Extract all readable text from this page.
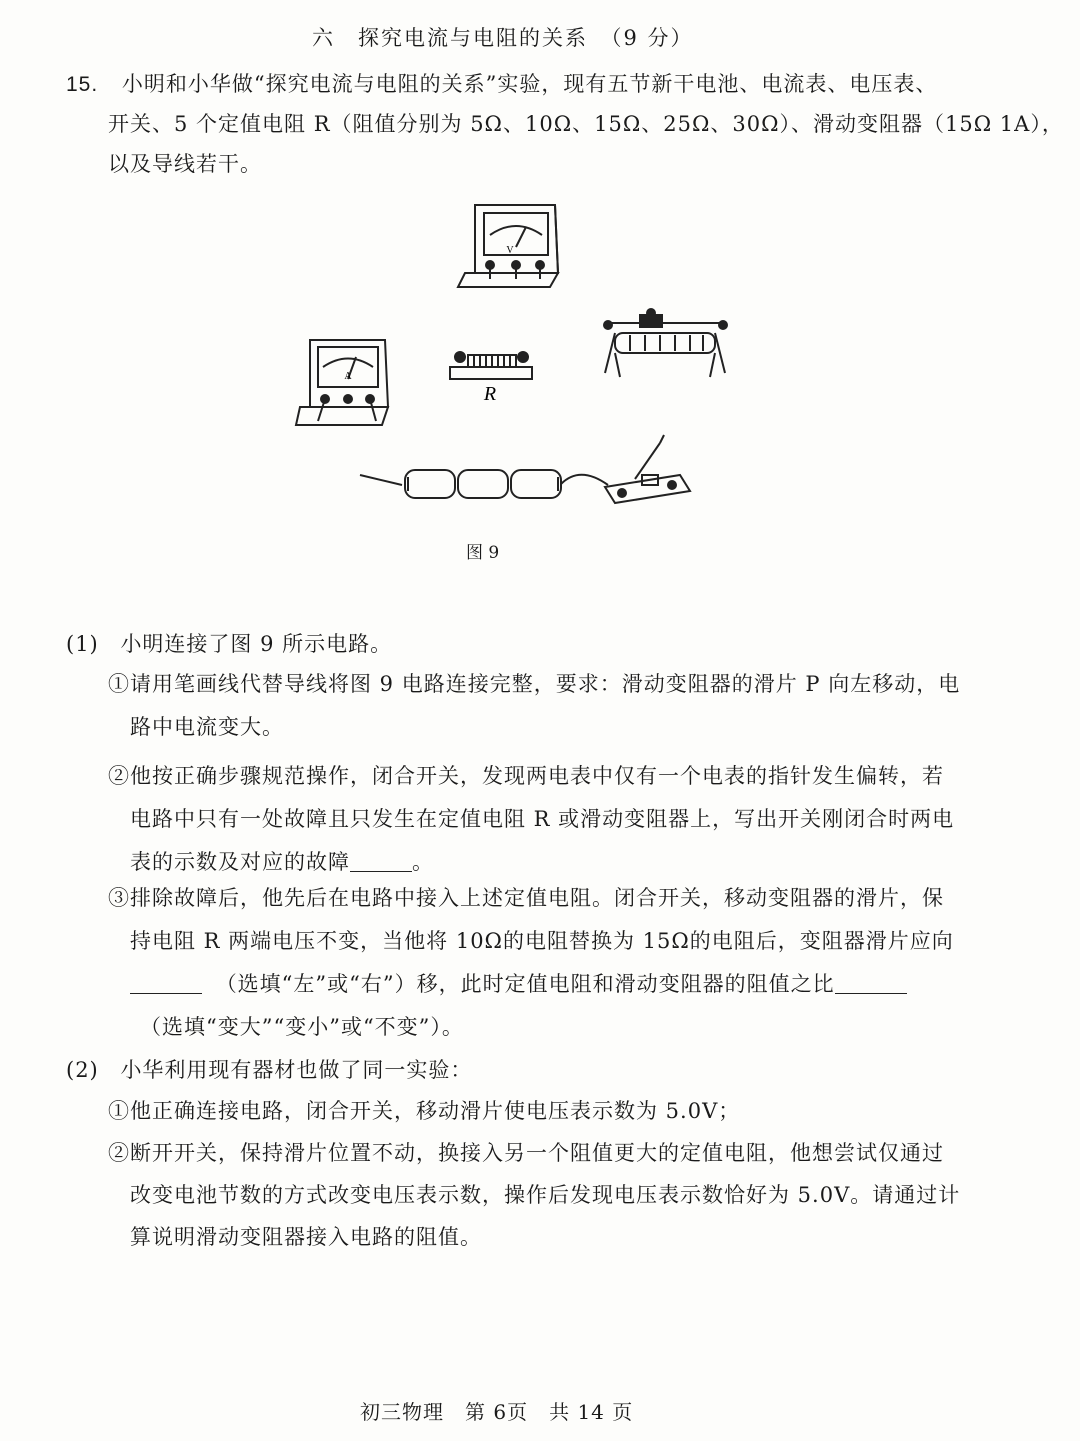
六　探究电流与电阻的关系　（9 分）
15. 小明和小华做“探究电流与电阻的关系”实验，现有五节新干电池、电流表、电压表、
开关、5 个定值电阻 R（阻值分别为 5Ω、10Ω、15Ω、25Ω、30Ω）、滑动变阻器（15Ω 1A），
以及导线若干。
V
A
R
图 9
(1) 小明连接了图 9 所示电路。
①请用笔画线代替导线将图 9 电路连接完整，要求：滑动变阻器的滑片 P 向左移动，电
路中电流变大。
②他按正确步骤规范操作，闭合开关，发现两电表中仅有一个电表的指针发生偏转，若
电路中只有一处故障且只发生在定值电阻 R 或滑动变阻器上，写出开关刚闭合时两电
表的示数及对应的故障	。
③排除故障后，他先后在电路中接入上述定值电阻。闭合开关，移动变阻器的滑片，保
持电阻 R 两端电压不变，当他将 10Ω的电阻替换为 15Ω的电阻后，变阻器滑片应向
（选填“左”或“右”）移，此时定值电阻和滑动变阻器的阻值之比
（选填“变大”“变小”或“不变”）。
(2) 小华利用现有器材也做了同一实验：
①他正确连接电路，闭合开关，移动滑片使电压表示数为 5.0V；
②断开开关，保持滑片位置不动，换接入另一个阻值更大的定值电阻，他想尝试仅通过
改变电池节数的方式改变电压表示数，操作后发现电压表示数恰好为 5.0V。请通过计
算说明滑动变阻器接入电路的阻值。
初三物理　第 6页　共 14 页
